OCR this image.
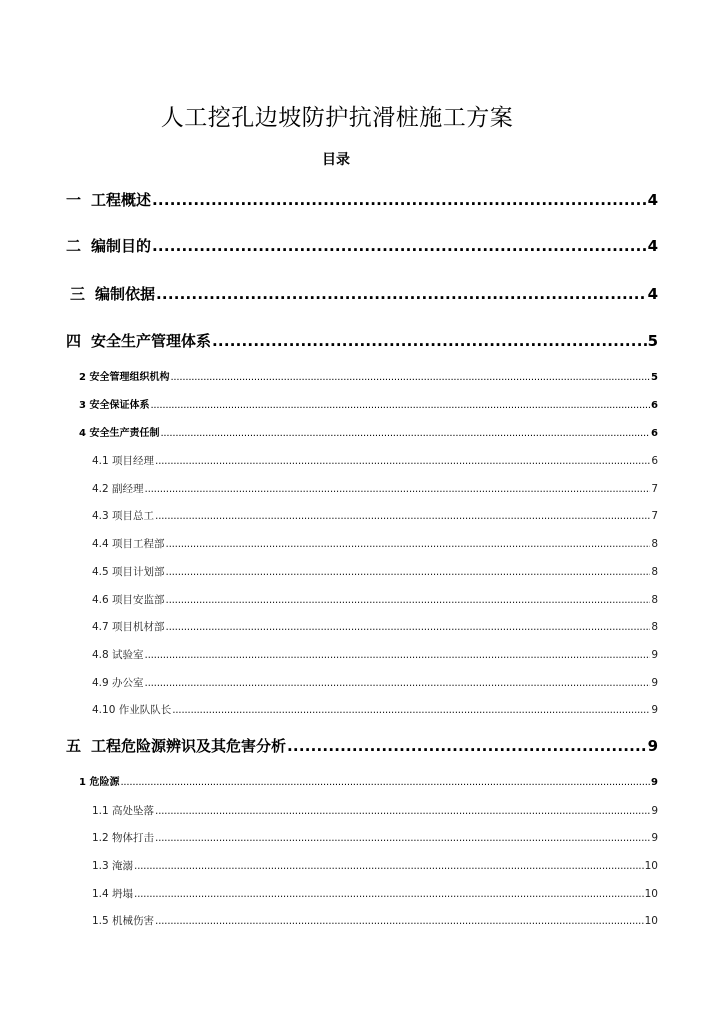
人工挖孔边坡防护抗滑桩施工方案
目录
一 工程概述 .....	4
二 编制目的 .....	4
三 编制依据 .....	4
四 安全生产管理体系 .....	5
2 安全管理组织机构 .....	5
3 安全保证体系 .....	6
4 安全生产责任制 .....	6
4.1 项目经理 .....	6
4.2 副经理 .....	7
4.3 项目总工 .....	7
4.4 项目工程部 .....	8
4.5 项目计划部 .....	8
4.6 项目安监部 .....	8
4.7 项目机材部 .....	8
4.8 试验室 .....	9
4.9 办公室 .....	9
4.10 作业队队长 .....	9
五 工程危险源辨识及其危害分析 .....	9
1 危险源 .....	9
1.1 高处坠落 .....	9
1.2 物体打击 .....	9
1.3 淹溺 .....	10
1.4 坍塌 .....	10
1.5 机械伤害 .....	10
